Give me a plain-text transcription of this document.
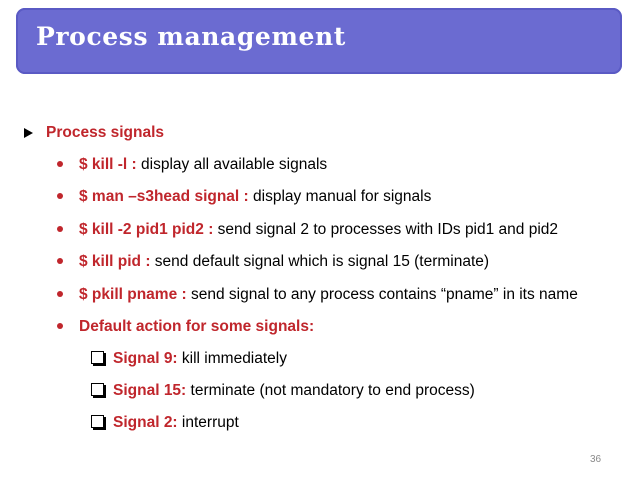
Process management
Process signals
$ kill -l : display all available signals
$ man –s3head signal : display manual for signals
$ kill -2 pid1 pid2 : send signal 2 to processes with IDs pid1 and pid2
$ kill pid : send default signal which is signal 15 (terminate)
$ pkill pname : send signal to any process contains “pname” in its name
Default action for some signals:
Signal 9: kill immediately
Signal 15: terminate (not mandatory to end process)
Signal 2: interrupt
36
